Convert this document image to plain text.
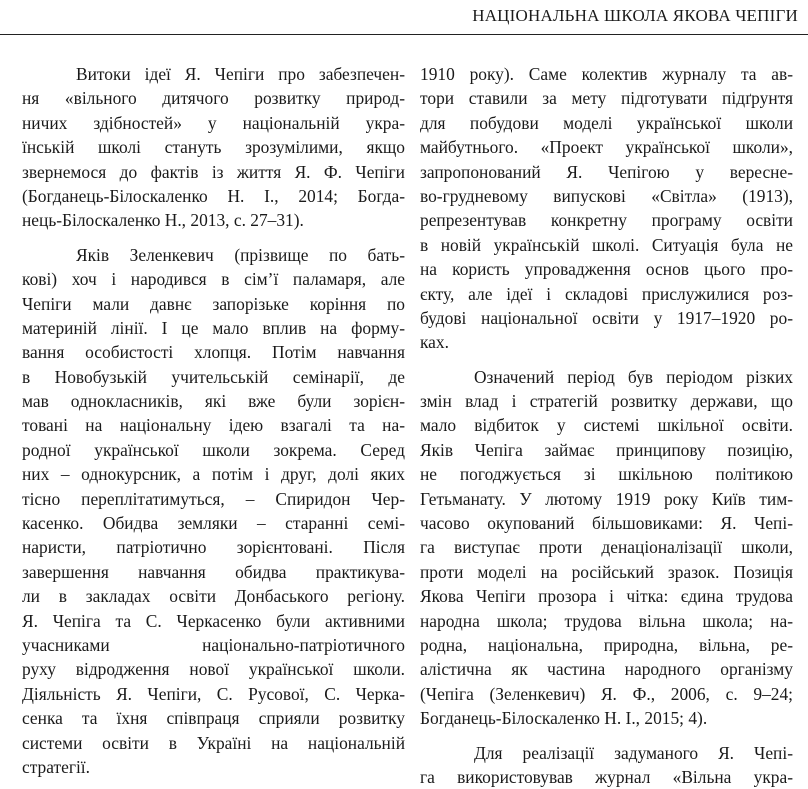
НАЦІОНАЛЬНА ШКОЛА ЯКОВА ЧЕПІГИ
Витоки ідеї Я. Чепіги про забезпечен-
ня «вільного дитячого розвитку природ-
ничих здібностей» у національній укра-
їнській школі стануть зрозумілими, якщо
звернемося до фактів із життя Я. Ф. Чепіги
(Богданець-Білоскаленко Н. І., 2014; Богда-
нець-Білоскаленко Н., 2013, с. 27–31).
Яків Зеленкевич (прізвище по бать-
кові) хоч і народився в сім’ї паламаря, але
Чепіги мали давнє запорізьке коріння по
материній лінії. І це мало вплив на форму-
вання особистості хлопця. Потім навчання
в Новобузькій учительській семінарії, де
мав однокласників, які вже були зорієн-
товані на національну ідею взагалі та на-
родної української школи зокрема. Серед
них – однокурсник, а потім і друг, долі яких
тісно переплітатимуться, – Спиридон Чер-
касенко. Обидва земляки – старанні семі-
наристи, патріотично зорієнтовані. Після
завершення навчання обидва практикува-
ли в закладах освіти Донбаського регіону.
Я. Чепіга та С. Черкасенко були активними
учасниками національно-патріотичного
руху відродження нової української школи.
Діяльність Я. Чепіги, С. Русової, С. Черка-
сенка та їхня співпраця сприяли розвитку
системи освіти в Україні на національній
стратегії.
1910 року). Саме колектив журналу та ав-
тори ставили за мету підготувати підґрунтя
для побудови моделі української школи
майбутнього. «Проект української школи»,
запропонований Я. Чепігою у вересне-
во-грудневому випускові «Світла» (1913),
репрезентував конкретну програму освіти
в новій українській школі. Ситуація була не
на користь упровадження основ цього про-
єкту, але ідеї і складові прислужилися роз-
будові національної освіти у 1917–1920 ро-
ках.
Означений період був періодом різких
змін влад і стратегій розвитку держави, що
мало відбиток у системі шкільної освіти.
Яків Чепіга займає принципову позицію,
не погоджується зі шкільною політикою
Гетьманату. У лютому 1919 року Київ тим-
часово окупований більшовиками: Я. Чепі-
га виступає проти денаціоналізації школи,
проти моделі на російський зразок. Позиція
Якова Чепіги прозора і чітка: єдина трудова
народна школа; трудова вільна школа; на-
родна, національна, природна, вільна, ре-
алістична як частина народного організму
(Чепіга (Зеленкевич) Я. Ф., 2006, с. 9–24;
Богданець-Білоскаленко Н. І., 2015; 4).
Для реалізації задуманого Я. Чепі-
га використовував журнал «Вільна укра-
